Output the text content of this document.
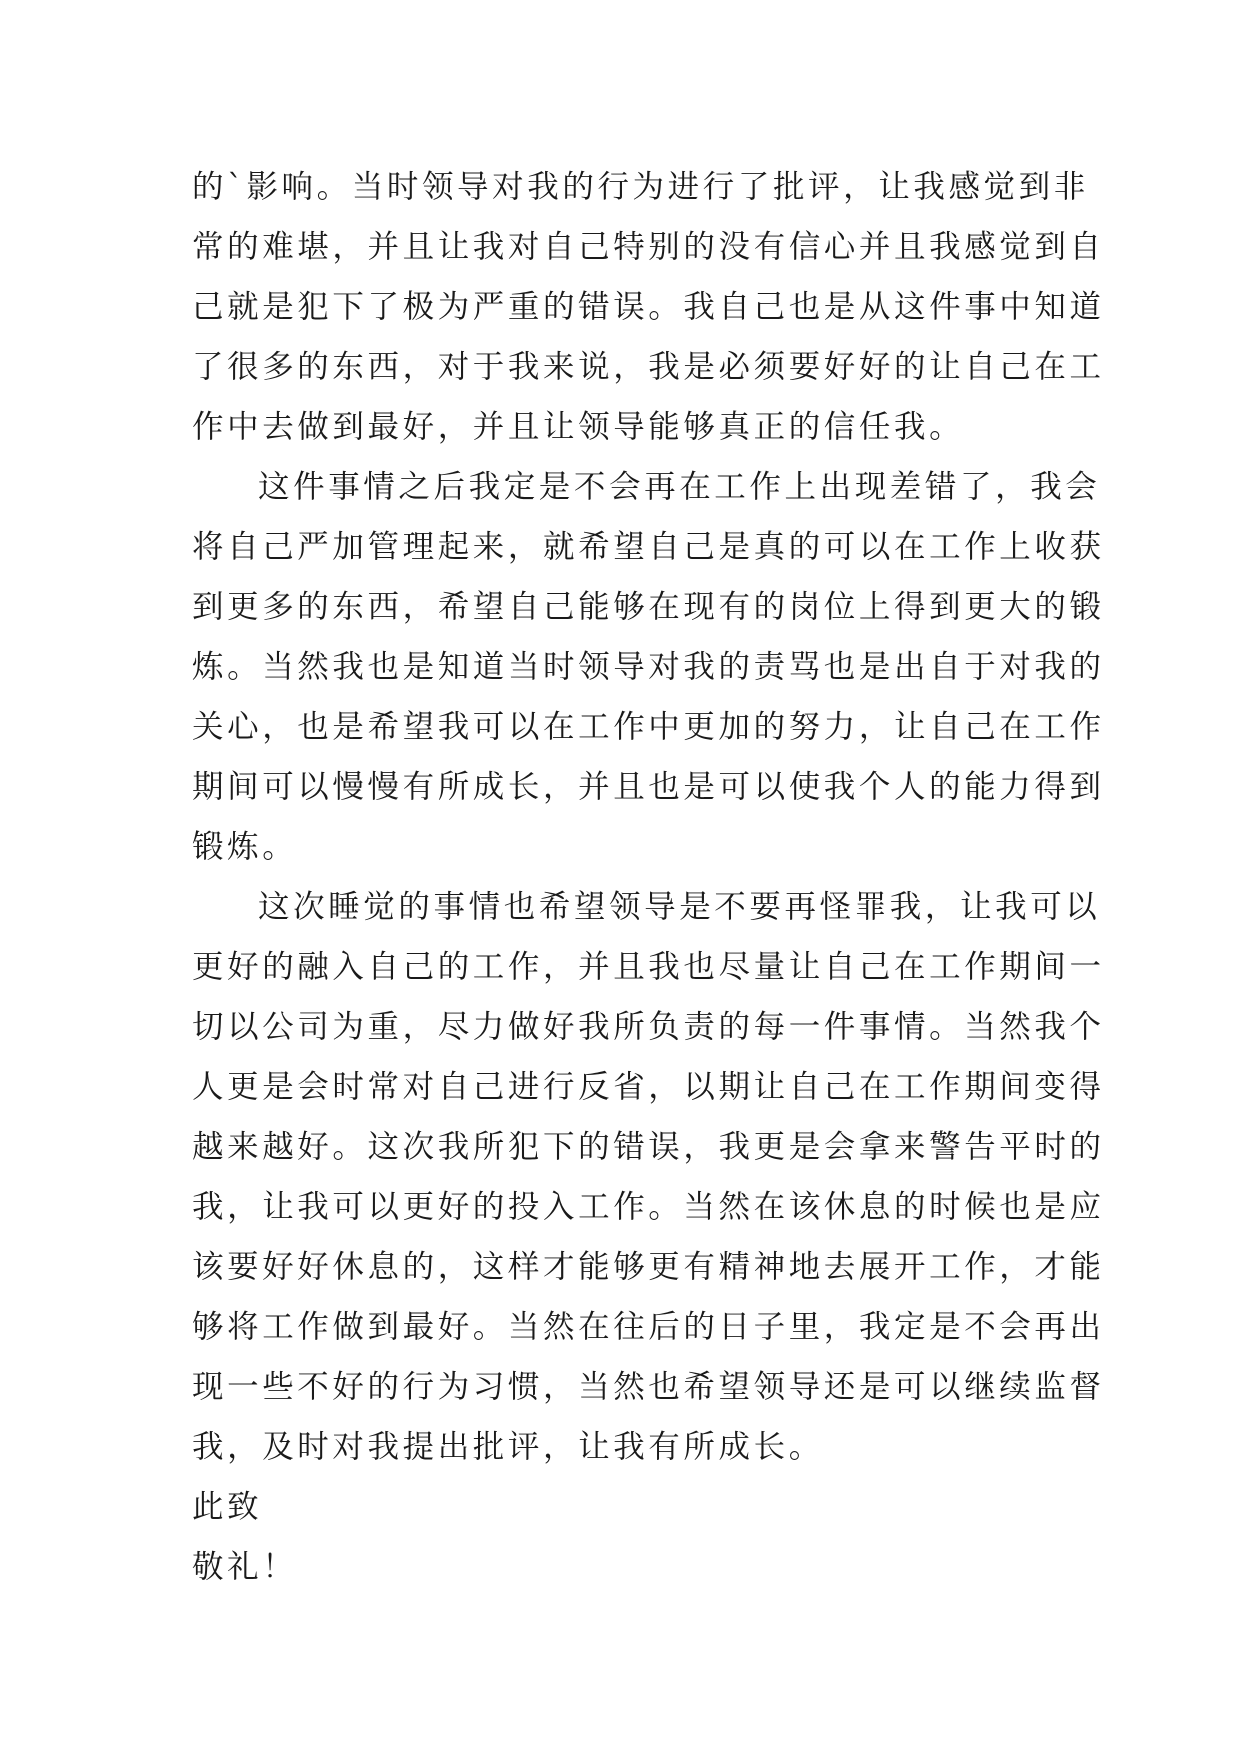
的`影响。当时领导对我的行为进行了批评，让我感觉到非
常的难堪，并且让我对自己特别的没有信心并且我感觉到自
己就是犯下了极为严重的错误。我自己也是从这件事中知道
了很多的东西，对于我来说，我是必须要好好的让自己在工
作中去做到最好，并且让领导能够真正的信任我。
这件事情之后我定是不会再在工作上出现差错了，我会
将自己严加管理起来，就希望自己是真的可以在工作上收获
到更多的东西，希望自己能够在现有的岗位上得到更大的锻
炼。当然我也是知道当时领导对我的责骂也是出自于对我的
关心，也是希望我可以在工作中更加的努力，让自己在工作
期间可以慢慢有所成长，并且也是可以使我个人的能力得到
锻炼。
这次睡觉的事情也希望领导是不要再怪罪我，让我可以
更好的融入自己的工作，并且我也尽量让自己在工作期间一
切以公司为重，尽力做好我所负责的每一件事情。当然我个
人更是会时常对自己进行反省，以期让自己在工作期间变得
越来越好。这次我所犯下的错误，我更是会拿来警告平时的
我，让我可以更好的投入工作。当然在该休息的时候也是应
该要好好休息的，这样才能够更有精神地去展开工作，才能
够将工作做到最好。当然在往后的日子里，我定是不会再出
现一些不好的行为习惯，当然也希望领导还是可以继续监督
我，及时对我提出批评，让我有所成长。
此致
敬礼！
